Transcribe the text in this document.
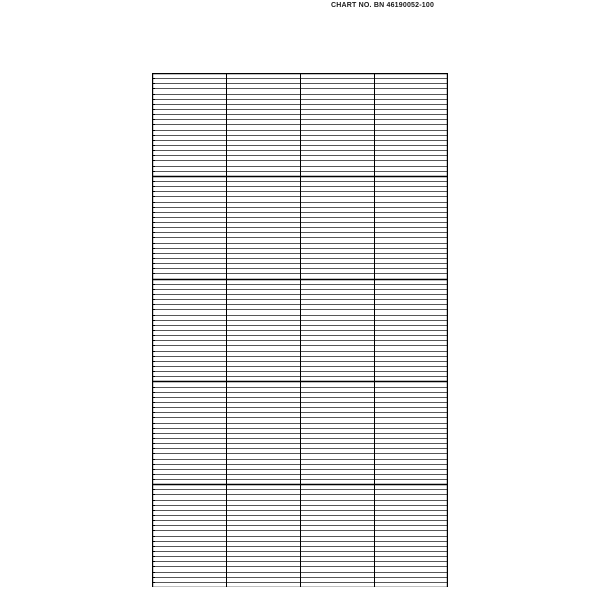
CHART NO. BN 46190052-100
